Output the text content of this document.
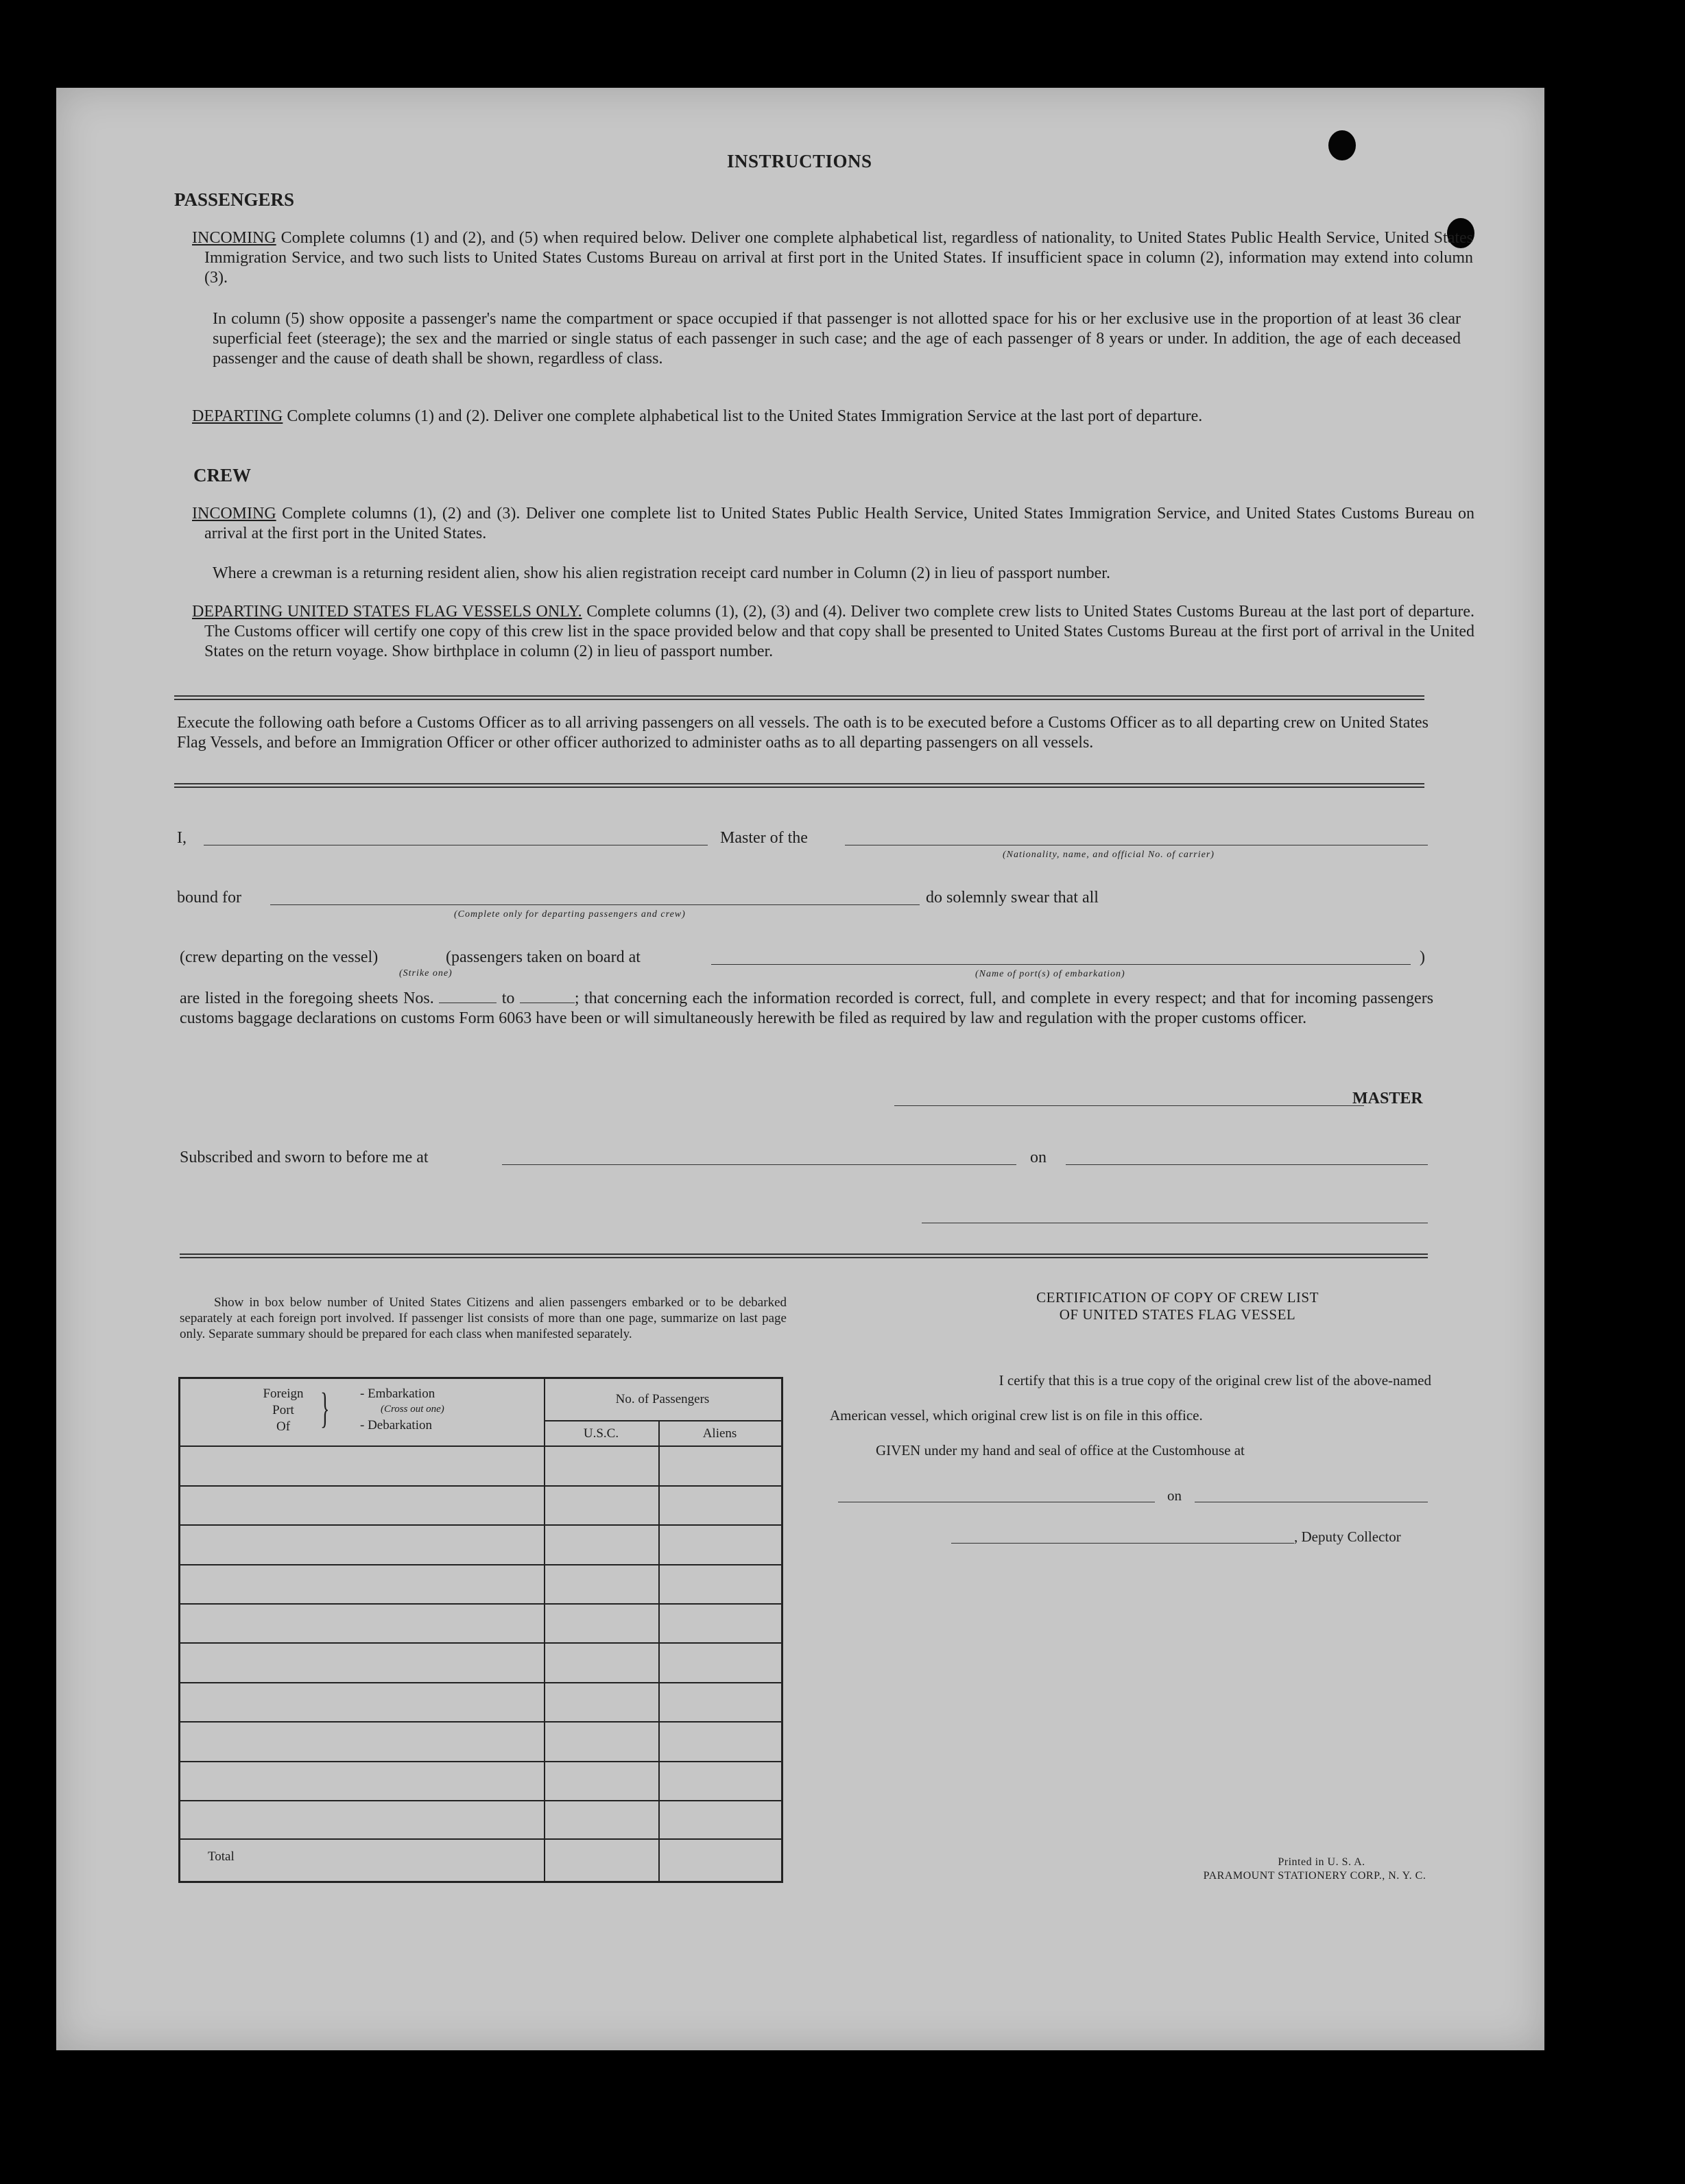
INSTRUCTIONS
PASSENGERS
INCOMING Complete columns (1) and (2), and (5) when required below. Deliver one complete alphabetical list, regardless of nationality, to United States Public Health Service, United States Immigration Service, and two such lists to United States Customs Bureau on arrival at first port in the United States. If insufficient space in column (2), information may extend into column (3).
In column (5) show opposite a passenger's name the compartment or space occupied if that passenger is not allotted space for his or her exclusive use in the proportion of at least 36 clear superficial feet (steerage); the sex and the married or single status of each passenger in such case; and the age of each passenger of 8 years or under. In addition, the age of each deceased passenger and the cause of death shall be shown, regardless of class.
DEPARTING Complete columns (1) and (2). Deliver one complete alphabetical list to the United States Immigration Service at the last port of departure.
CREW
INCOMING Complete columns (1), (2) and (3). Deliver one complete list to United States Public Health Service, United States Immigration Service, and United States Customs Bureau on arrival at the first port in the United States.
Where a crewman is a returning resident alien, show his alien registration receipt card number in Column (2) in lieu of passport number.
DEPARTING UNITED STATES FLAG VESSELS ONLY. Complete columns (1), (2), (3) and (4). Deliver two complete crew lists to United States Customs Bureau at the last port of departure. The Customs officer will certify one copy of this crew list in the space provided below and that copy shall be presented to United States Customs Bureau at the first port of arrival in the United States on the return voyage. Show birthplace in column (2) in lieu of passport number.
Execute the following oath before a Customs Officer as to all arriving passengers on all vessels. The oath is to be executed before a Customs Officer as to all departing crew on United States Flag Vessels, and before an Immigration Officer or other officer authorized to administer oaths as to all departing passengers on all vessels.
I,	Master of the
(Nationality, name, and official No. of carrier)
bound for
(Complete only for departing passengers and crew)
do solemnly swear that all
(crew departing on the vessel)	(passengers taken on board at	)
(Strike one)	(Name of port(s) of embarkation)
are listed in the foregoing sheets Nos.	to	; that concerning each the information recorded is correct, full, and complete in every respect; and that for incoming passengers customs baggage declarations on customs Form 6063 have been or will simultaneously herewith be filed as required by law and regulation with the proper customs officer.
MASTER
Subscribed and sworn to before me at	on
Show in box below number of United States Citizens and alien passengers embarked or to be debarked separately at each foreign port involved. If passenger list consists of more than one page, summarize on last page only. Separate summary should be prepared for each class when manifested separately.
Foreign
Port
Of } - Embarkation
(Cross out one)
- Debarkation
No. of Passengers
U.S.C.	Aliens
Total
CERTIFICATION OF COPY OF CREW LIST
OF UNITED STATES FLAG VESSEL
I certify that this is a true copy of the original crew list of the above-named
American vessel, which original crew list is on file in this office.
GIVEN under my hand and seal of office at the Customhouse at
on
, Deputy Collector
Printed in U. S. A.
PARAMOUNT STATIONERY CORP., N. Y. C.
